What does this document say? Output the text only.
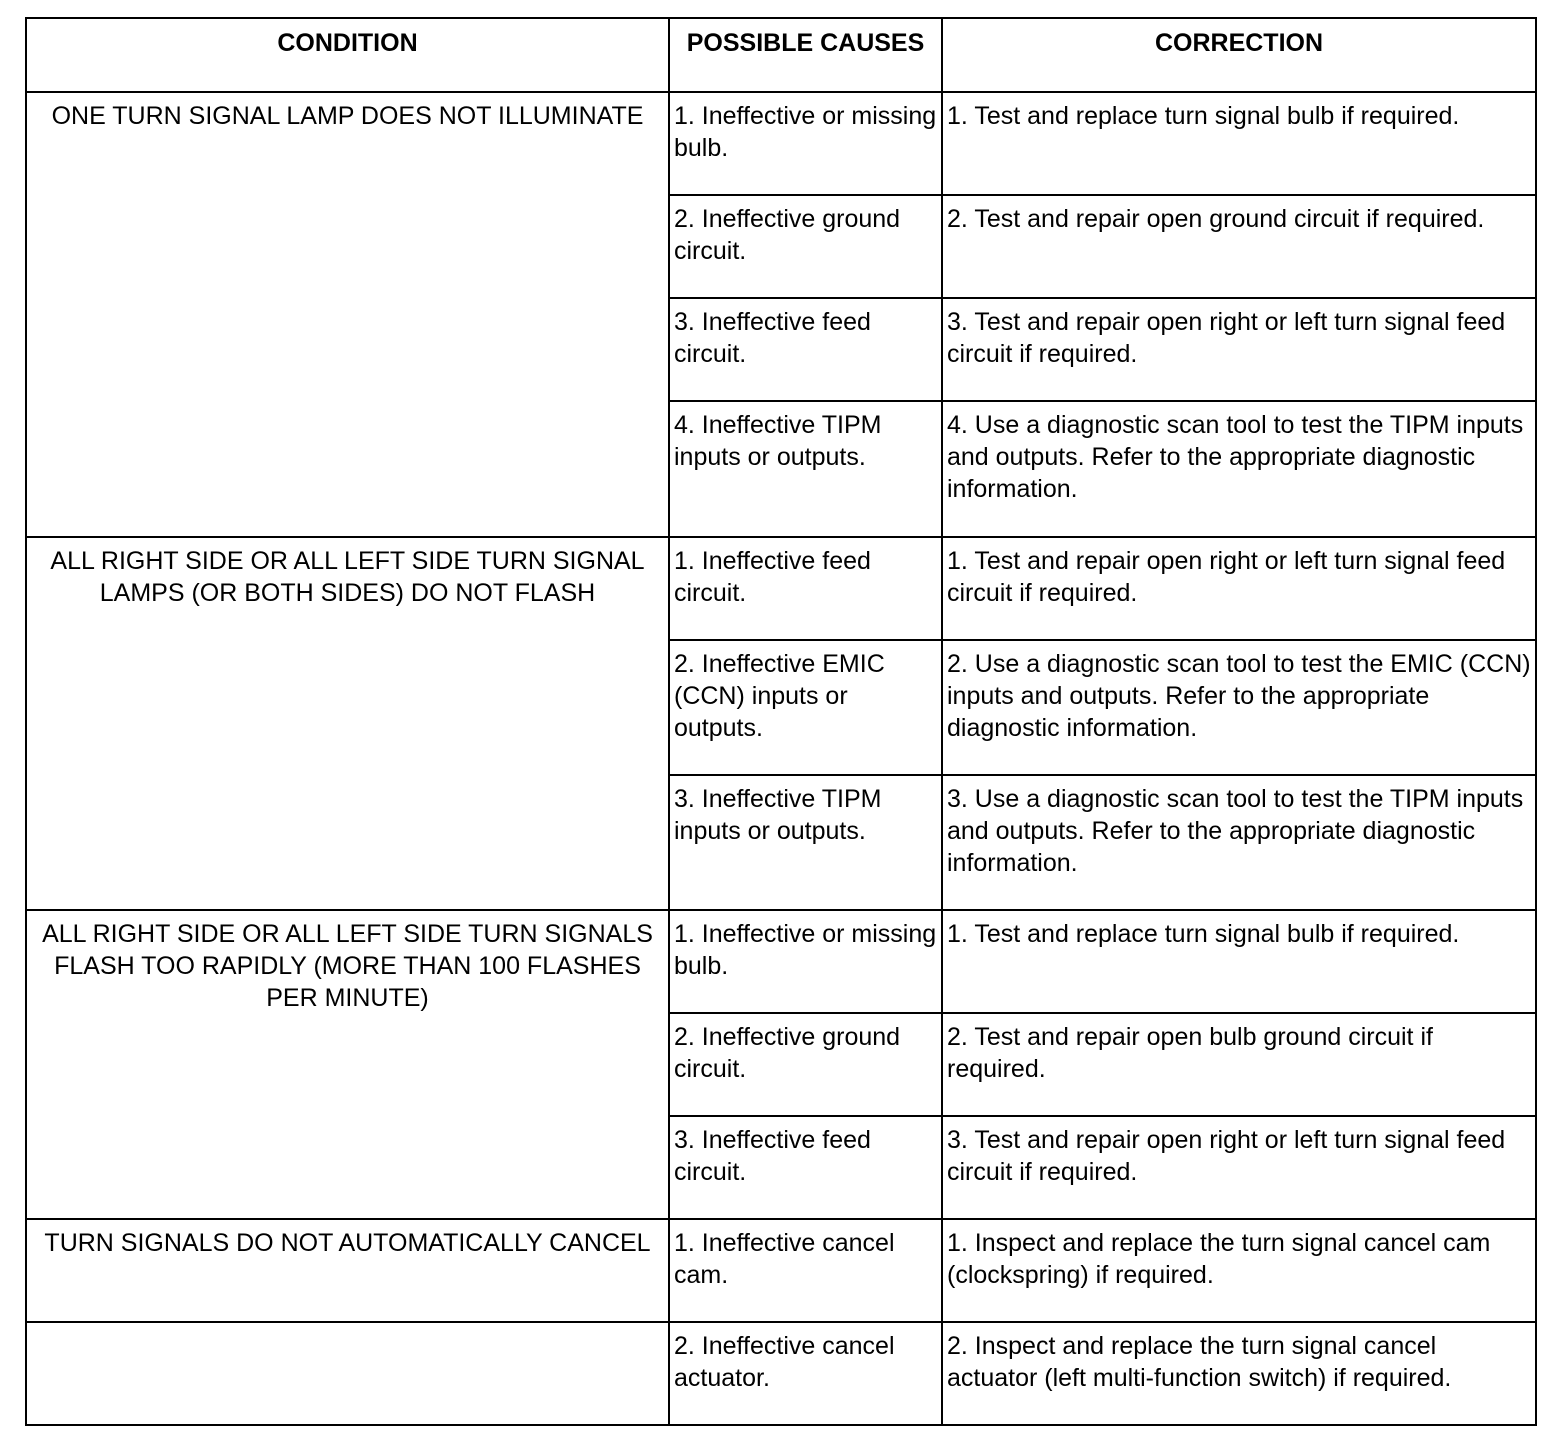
CONDITION	POSSIBLE CAUSES	CORRECTION
ONE TURN SIGNAL LAMP DOES NOT ILLUMINATE	1. Ineffective or missing bulb.	1. Test and replace turn signal bulb if required.
	2. Ineffective ground circuit.	2. Test and repair open ground circuit if required.
	3. Ineffective feed circuit.	3. Test and repair open right or left turn signal feed circuit if required.
	4. Ineffective TIPM inputs or outputs.	4. Use a diagnostic scan tool to test the TIPM inputs and outputs. Refer to the appropriate diagnostic information.
ALL RIGHT SIDE OR ALL LEFT SIDE TURN SIGNAL LAMPS (OR BOTH SIDES) DO NOT FLASH	1. Ineffective feed circuit.	1. Test and repair open right or left turn signal feed circuit if required.
	2. Ineffective EMIC (CCN) inputs or outputs.	2. Use a diagnostic scan tool to test the EMIC (CCN) inputs and outputs. Refer to the appropriate diagnostic information.
	3. Ineffective TIPM inputs or outputs.	3. Use a diagnostic scan tool to test the TIPM inputs and outputs. Refer to the appropriate diagnostic information.
ALL RIGHT SIDE OR ALL LEFT SIDE TURN SIGNALS FLASH TOO RAPIDLY (MORE THAN 100 FLASHES PER MINUTE)	1. Ineffective or missing bulb.	1. Test and replace turn signal bulb if required.
	2. Ineffective ground circuit.	2. Test and repair open bulb ground circuit if required.
	3. Ineffective feed circuit.	3. Test and repair open right or left turn signal feed circuit if required.
TURN SIGNALS DO NOT AUTOMATICALLY CANCEL	1. Ineffective cancel cam.	1. Inspect and replace the turn signal cancel cam (clockspring) if required.
	2. Ineffective cancel actuator.	2. Inspect and replace the turn signal cancel actuator (left multi-function switch) if required.
